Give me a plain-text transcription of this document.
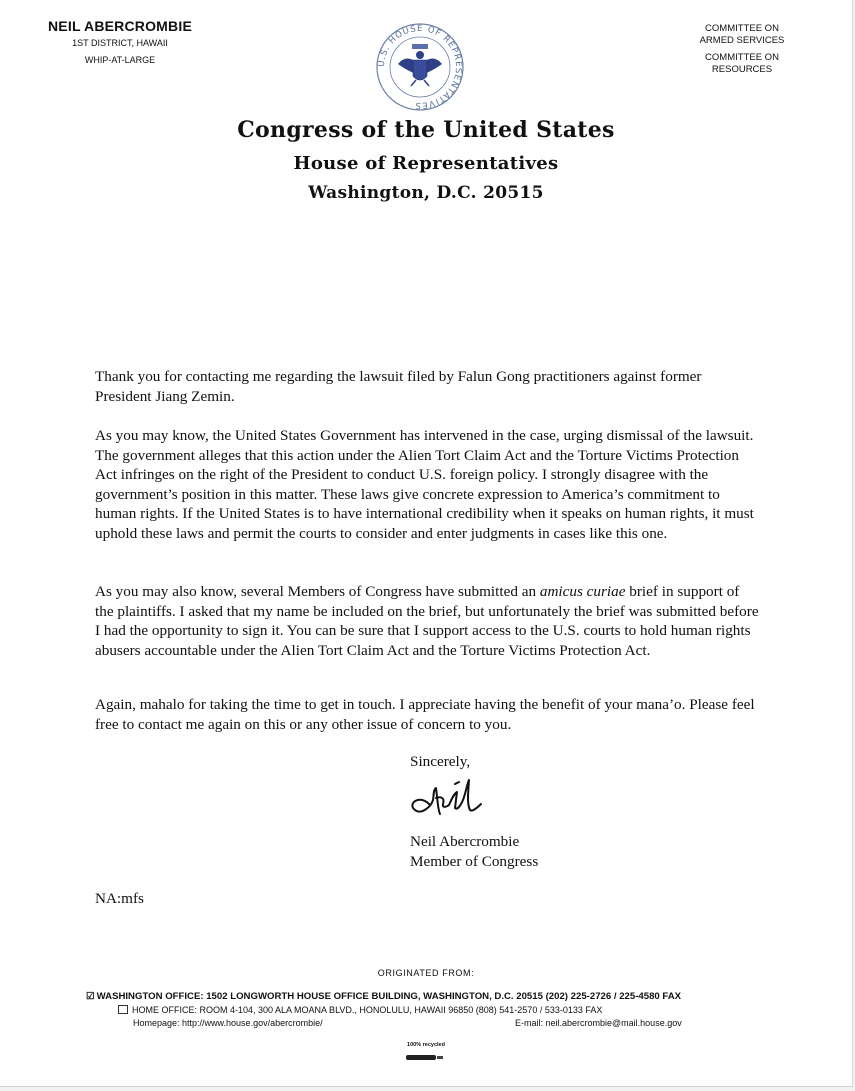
NEIL ABERCROMBIE
1ST DISTRICT, HAWAII
WHIP-AT-LARGE
COMMITTEE ON
ARMED SERVICES
COMMITTEE ON
RESOURCES
U.S. HOUSE OF REPRESENTATIVES
Congress of the United States
House of Representatives
Washington, D.C. 20515

Thank you for contacting me regarding the lawsuit filed by Falun Gong practitioners against former President Jiang Zemin.

As you may know, the United States Government has intervened in the case, urging dismissal of the lawsuit. The government alleges that this action under the Alien Tort Claim Act and the Torture Victims Protection Act infringes on the right of the President to conduct U.S. foreign policy. I strongly disagree with the government’s position in this matter. These laws give concrete expression to America’s commitment to human rights. If the United States is to have international credibility when it speaks on human rights, it must uphold these laws and permit the courts to consider and enter judgments in cases like this one.

As you may also know, several Members of Congress have submitted an amicus curiae brief in support of the plaintiffs. I asked that my name be included on the brief, but unfortunately the brief was submitted before I had the opportunity to sign it. You can be sure that I support access to the U.S. courts to hold human rights abusers accountable under the Alien Tort Claim Act and the Torture Victims Protection Act.

Again, mahalo for taking the time to get in touch. I appreciate having the benefit of your mana’o. Please feel free to contact me again on this or any other issue of concern to you.

Sincerely,
Neil Abercrombie
Member of Congress
NA:mfs
ORIGINATED FROM:
☑ WASHINGTON OFFICE: 1502 LONGWORTH HOUSE OFFICE BUILDING, WASHINGTON, D.C. 20515 (202) 225-2726 / 225-4580 FAX
HOME OFFICE: ROOM 4-104, 300 ALA MOANA BLVD., HONOLULU, HAWAII 96850 (808) 541-2570 / 533-0133 FAX
Homepage: http://www.house.gov/abercrombie/	E-mail: neil.abercrombie@mail.house.gov
100% recycled
